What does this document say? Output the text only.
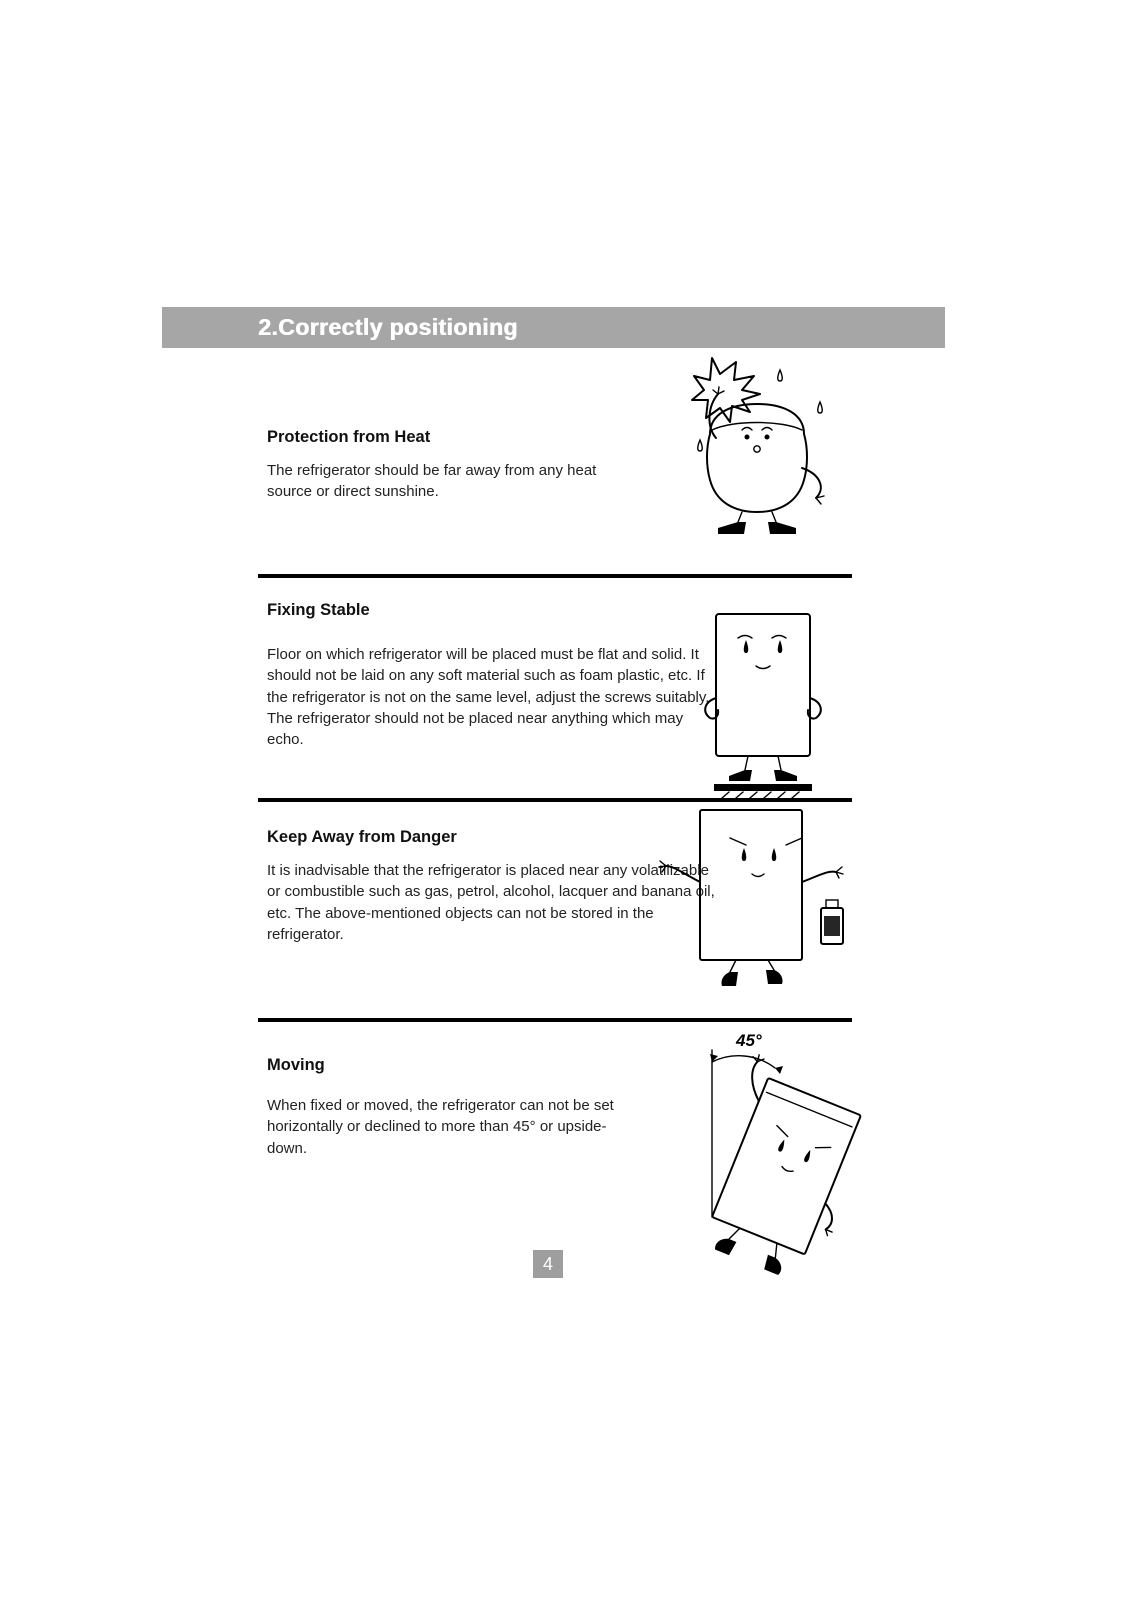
2.Correctly positioning
Protection from Heat

The refrigerator should be far away from any heat source or direct sunshine.

Fixing Stable

Floor on which refrigerator will be placed must be flat and solid. It should not be laid on any soft material such as foam plastic, etc. If the refrigerator is not on the same level, adjust the screws suitably. The refrigerator should not be placed near anything which may echo.

Keep Away from Danger

It is inadvisable that the refrigerator is placed near any volatilizable or combustible such as gas, petrol, alcohol, lacquer and banana oil, etc. The above-mentioned objects can not be stored in the refrigerator.

Moving

When fixed or moved, the refrigerator can not be set horizontally or declined to more than 45° or upside-down.

45°
4
